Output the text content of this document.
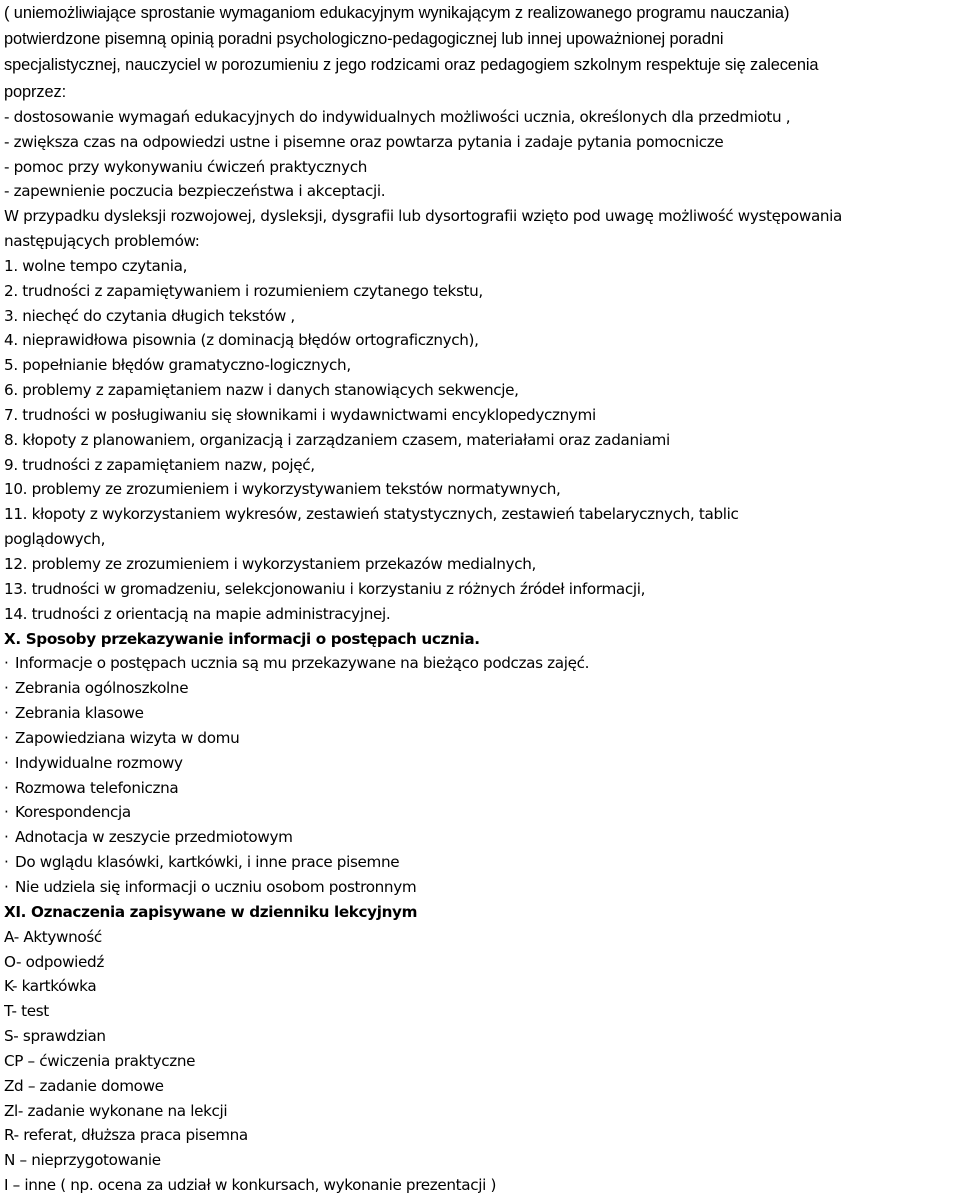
( uniemożliwiające sprostanie wymaganiom edukacyjnym wynikającym z realizowanego programu nauczania)
potwierdzone pisemną opinią poradni psychologiczno-pedagogicznej lub innej upoważnionej poradni
specjalistycznej, nauczyciel w porozumieniu z jego rodzicami oraz pedagogiem szkolnym respektuje się zalecenia
poprzez:
- dostosowanie wymagań edukacyjnych do indywidualnych możliwości ucznia, określonych dla przedmiotu ,
- zwiększa czas na odpowiedzi ustne i pisemne oraz powtarza pytania i zadaje pytania pomocnicze
- pomoc przy wykonywaniu ćwiczeń praktycznych
- zapewnienie poczucia bezpieczeństwa i akceptacji.
W przypadku dysleksji rozwojowej, dysleksji, dysgrafii lub dysortografii wzięto pod uwagę możliwość występowania
następujących problemów:
1. wolne tempo czytania,
2. trudności z zapamiętywaniem i rozumieniem czytanego tekstu,
3. niechęć do czytania długich tekstów ,
4. nieprawidłowa pisownia (z dominacją błędów ortograficznych),
5. popełnianie błędów gramatyczno-logicznych,
6. problemy z zapamiętaniem nazw i danych stanowiących sekwencje,
7. trudności w posługiwaniu się słownikami i wydawnictwami encyklopedycznymi
8. kłopoty z planowaniem, organizacją i zarządzaniem czasem, materiałami oraz zadaniami
9. trudności z zapamiętaniem nazw, pojęć,
10. problemy ze zrozumieniem i wykorzystywaniem tekstów normatywnych,
11. kłopoty z wykorzystaniem wykresów, zestawień statystycznych, zestawień tabelarycznych, tablic
poglądowych,
12. problemy ze zrozumieniem i wykorzystaniem przekazów medialnych,
13. trudności w gromadzeniu, selekcjonowaniu i korzystaniu z różnych źródeł informacji,
14. trudności z orientacją na mapie administracyjnej.
X. Sposoby przekazywanie informacji o postępach ucznia.
· Informacje o postępach ucznia są mu przekazywane na bieżąco podczas zajęć.
· Zebrania ogólnoszkolne
· Zebrania klasowe
· Zapowiedziana wizyta w domu
· Indywidualne rozmowy
· Rozmowa telefoniczna
· Korespondencja
· Adnotacja w zeszycie przedmiotowym
· Do wglądu klasówki, kartkówki, i inne prace pisemne
· Nie udziela się informacji o uczniu osobom postronnym
XI. Oznaczenia zapisywane w dzienniku lekcyjnym
A- Aktywność
O- odpowiedź
K- kartkówka
T- test
S- sprawdzian
CP – ćwiczenia praktyczne
Zd – zadanie domowe
Zl- zadanie wykonane na lekcji
R- referat, dłuższa praca pisemna
N – nieprzygotowanie
I – inne ( np. ocena za udział w konkursach, wykonanie prezentacji )
